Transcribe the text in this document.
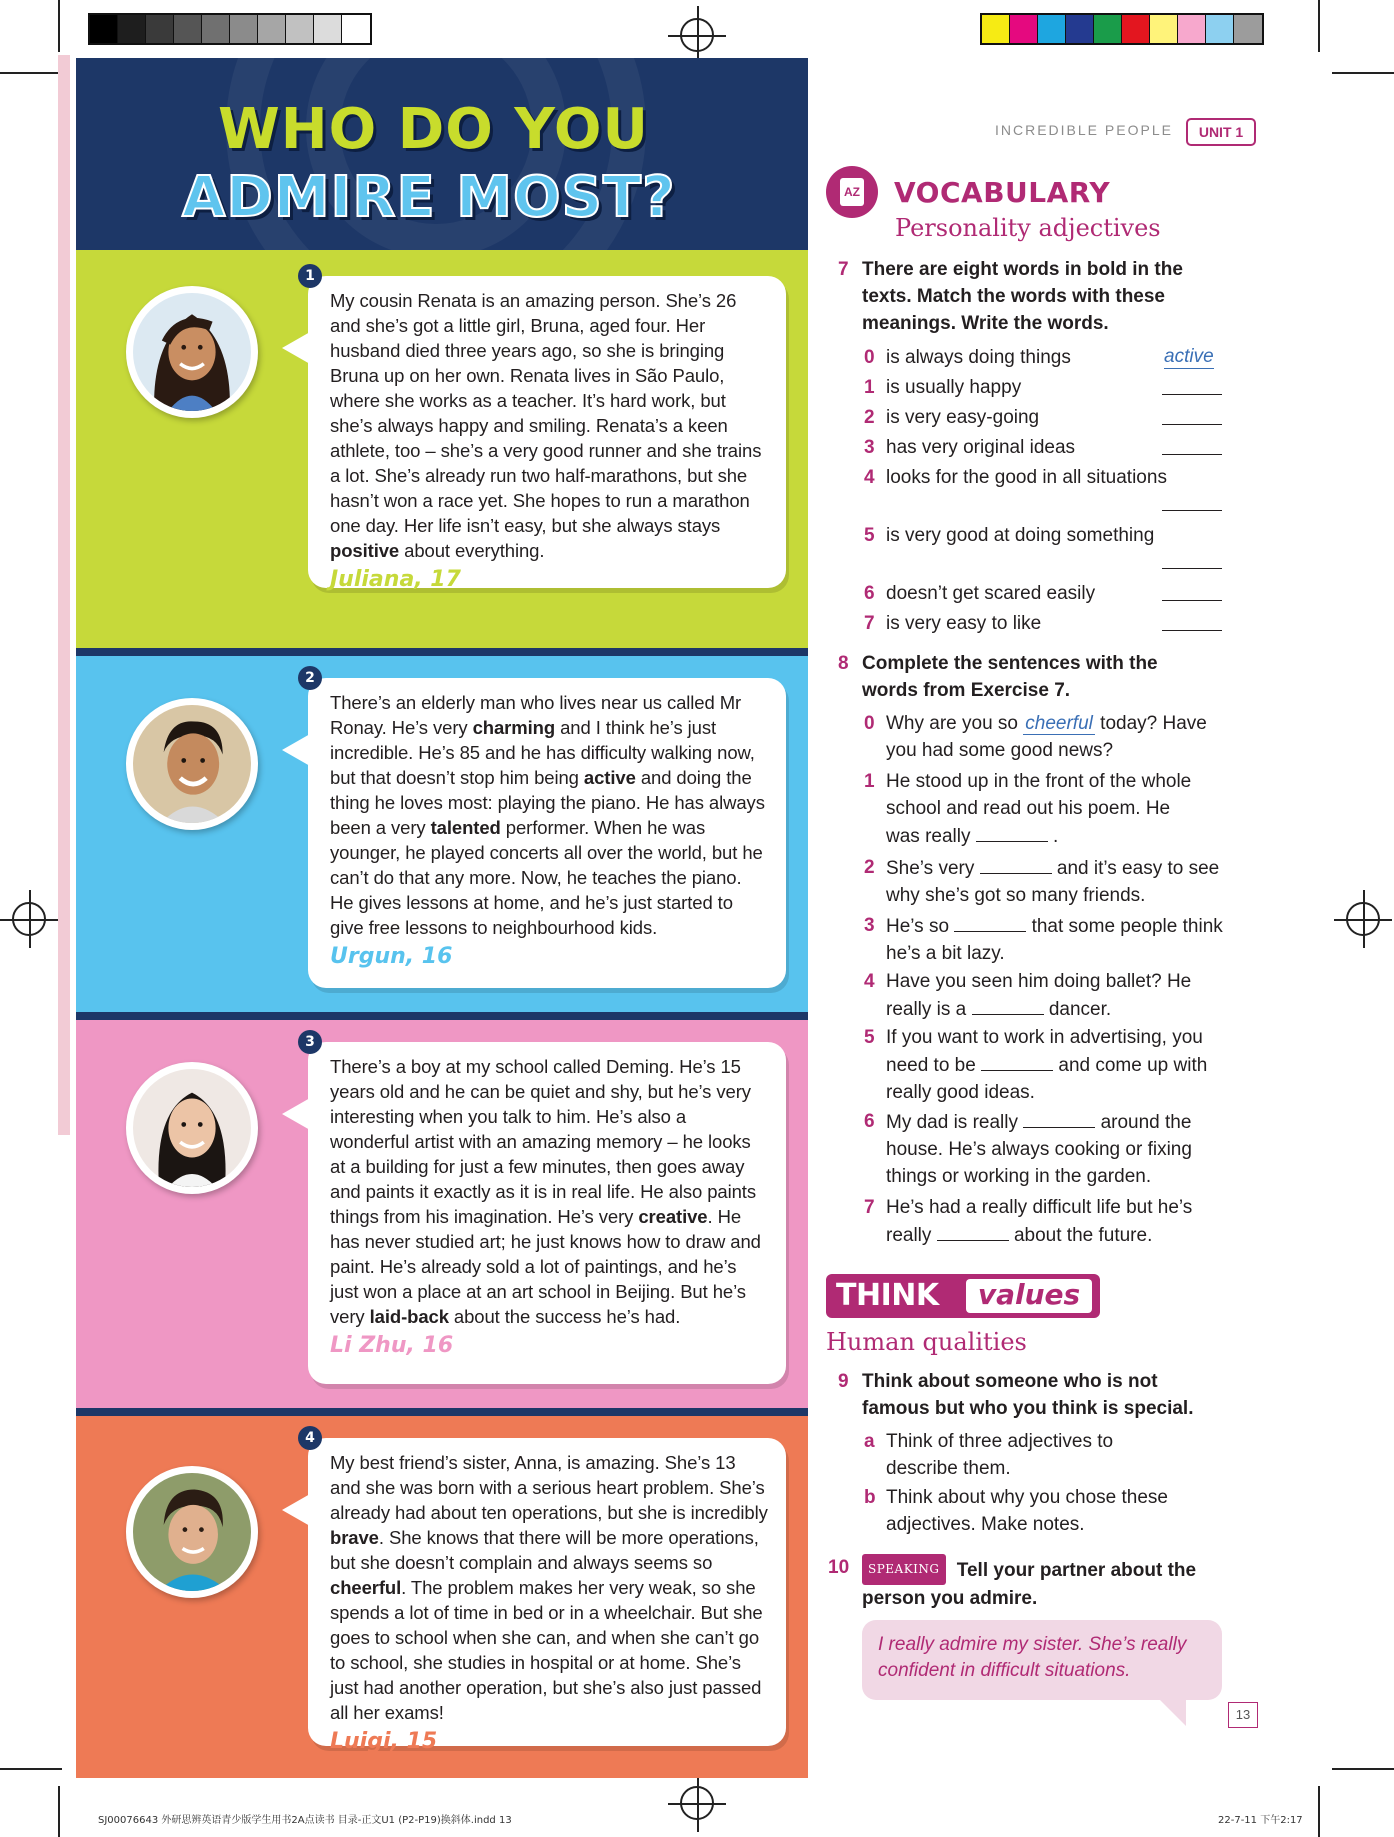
WHO DO YOU
ADMIRE MOST?
1

My cousin Renata is an amazing person. She’s 26 and she’s got a little girl, Bruna, aged four. Her husband died three years ago, so she is bringing Bruna up on her own. Renata lives in São Paulo, where she works as a teacher. It’s hard work, but she’s always happy and smiling. Renata’s a keen athlete, too – she’s a very good runner and she trains a lot. She’s already run two half-marathons, but she hasn’t won a race yet. She hopes to run a marathon one day. Her life isn’t easy, but she always stays positive about everything.

Juliana, 17
2

There’s an elderly man who lives near us called Mr Ronay. He’s very charming and I think he’s just incredible. He’s 85 and he has difficulty walking now, but that doesn’t stop him being active and doing the thing he loves most: playing the piano. He has always been a very talented performer. When he was younger, he played concerts all over the world, but he can’t do that any more. Now, he teaches the piano. He gives lessons at home, and he’s just started to give free lessons to neighbourhood kids.

Urgun, 16
3

There’s a boy at my school called Deming. He’s 15 years old and he can be quiet and shy, but he’s very interesting when you talk to him. He’s also a wonderful artist with an amazing memory – he looks at a building for just a few minutes, then goes away and paints it exactly as it is in real life. He also paints things from his imagination. He’s very creative. He has never studied art; he just knows how to draw and paint. He’s already sold a lot of paintings, and he’s just won a place at an art school in Beijing. But he’s very laid-back about the success he’s had.

Li Zhu, 16
4

My best friend’s sister, Anna, is amazing. She’s 13 and she was born with a serious heart problem. She’s already had about ten operations, but she is incredibly brave. She knows that there will be more operations, but she doesn’t complain and always seems so cheerful. The problem makes her very weak, so she spends a lot of time in bed or in a wheelchair. But she goes to school when she can, and when she can’t go to school, she studies in hospital or at home. She’s just had another operation, but she’s also just passed all her exams!

Luigi, 15
INCREDIBLE PEOPLE	UNIT 1
AZ VOCABULARY
Personality adjectives
7 There are eight words in bold in the texts. Match the words with these meanings. Write the words.
0 is always doing things	active
1 is usually happy
2 is very easy-going
3 has very original ideas
4 looks for the good in all situations
5 is very good at doing something
6 doesn’t get scared easily
7 is very easy to like
8 Complete the sentences with the words from Exercise 7.
0 Why are you so cheerful today? Have you had some good news?
1 He stood up in the front of the whole school and read out his poem. He was really	.
2 She’s very	and it’s easy to see why she’s got so many friends.
3 He’s so	that some people think he’s a bit lazy.
4 Have you seen him doing ballet? He really is a	dancer.
5 If you want to work in advertising, you need to be	and come up with really good ideas.
6 My dad is really	around the house. He’s always cooking or fixing things or working in the garden.
7 He’s had a really difficult life but he’s really	about the future.
THINK	values
Human qualities
9 Think about someone who is not famous but who you think is special.
a Think of three adjectives to describe them.
b Think about why you chose these adjectives. Make notes.
10 SPEAKING Tell your partner about the person you admire.

I really admire my sister. She’s really confident in difficult situations.

13
SJ00076643 外研思辨英语青少版学生用书2A点读书 目录-正文U1 (P2-P19)换斜体.indd 13	22-7-11 下午2:17
